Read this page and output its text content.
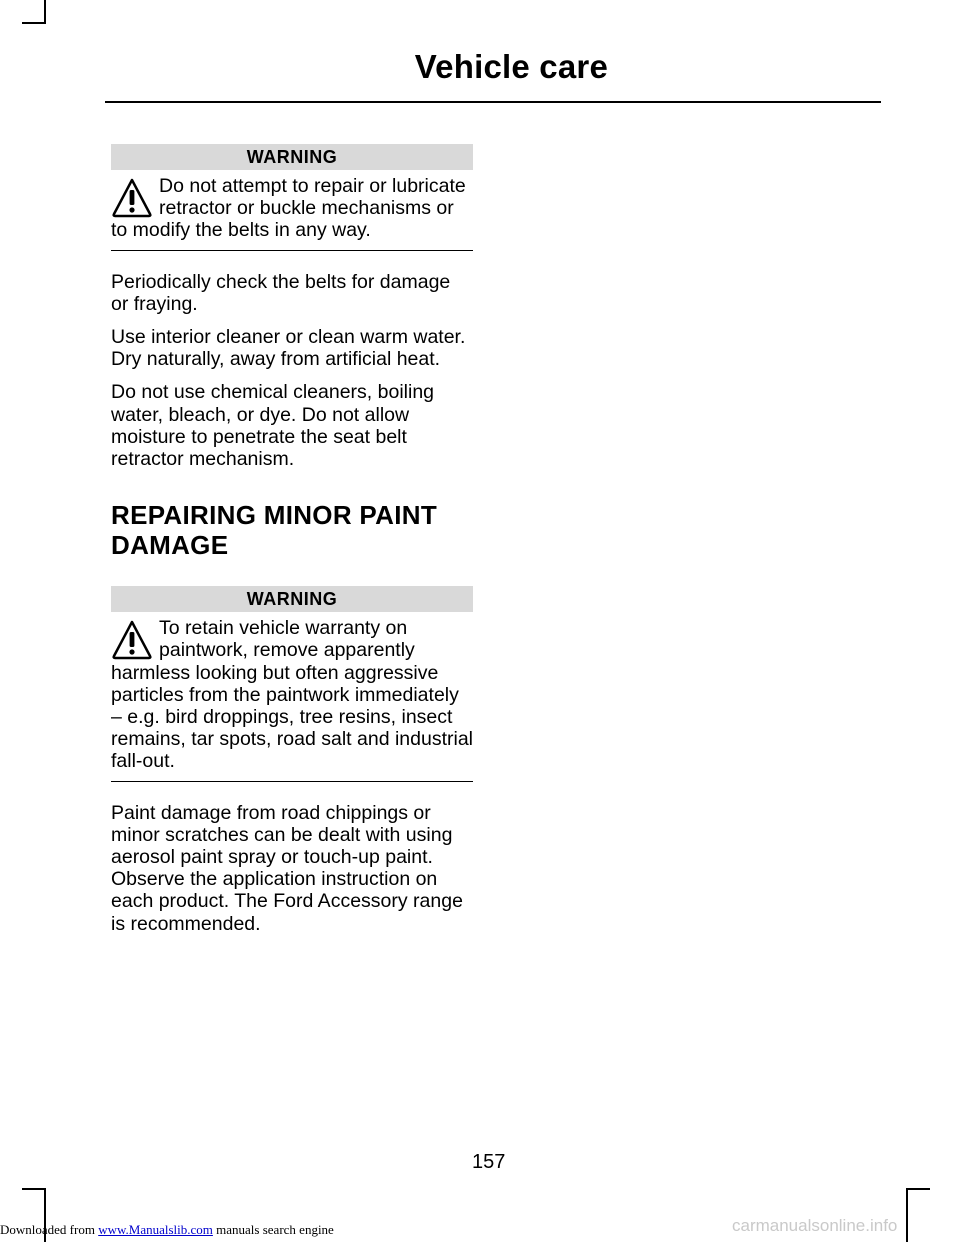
Vehicle care
WARNING
Do not attempt to repair or lubricate retractor or buckle mechanisms or to modify the belts in any way.

Periodically check the belts for damage or fraying.

Use interior cleaner or clean warm water. Dry naturally, away from artificial heat.

Do not use chemical cleaners, boiling water, bleach, or dye. Do not allow moisture to penetrate the seat belt retractor mechanism.

REPAIRING MINOR PAINT DAMAGE
WARNING
To retain vehicle warranty on paintwork, remove apparently harmless looking but often aggressive particles from the paintwork immediately – e.g. bird droppings, tree resins, insect remains, tar spots, road salt and industrial fall-out.

Paint damage from road chippings or minor scratches can be dealt with using aerosol paint spray or touch-up paint. Observe the application instruction on each product. The Ford Accessory range is recommended.

157
Downloaded from www.Manualslib.com manuals search engine	carmanualsonline.info
